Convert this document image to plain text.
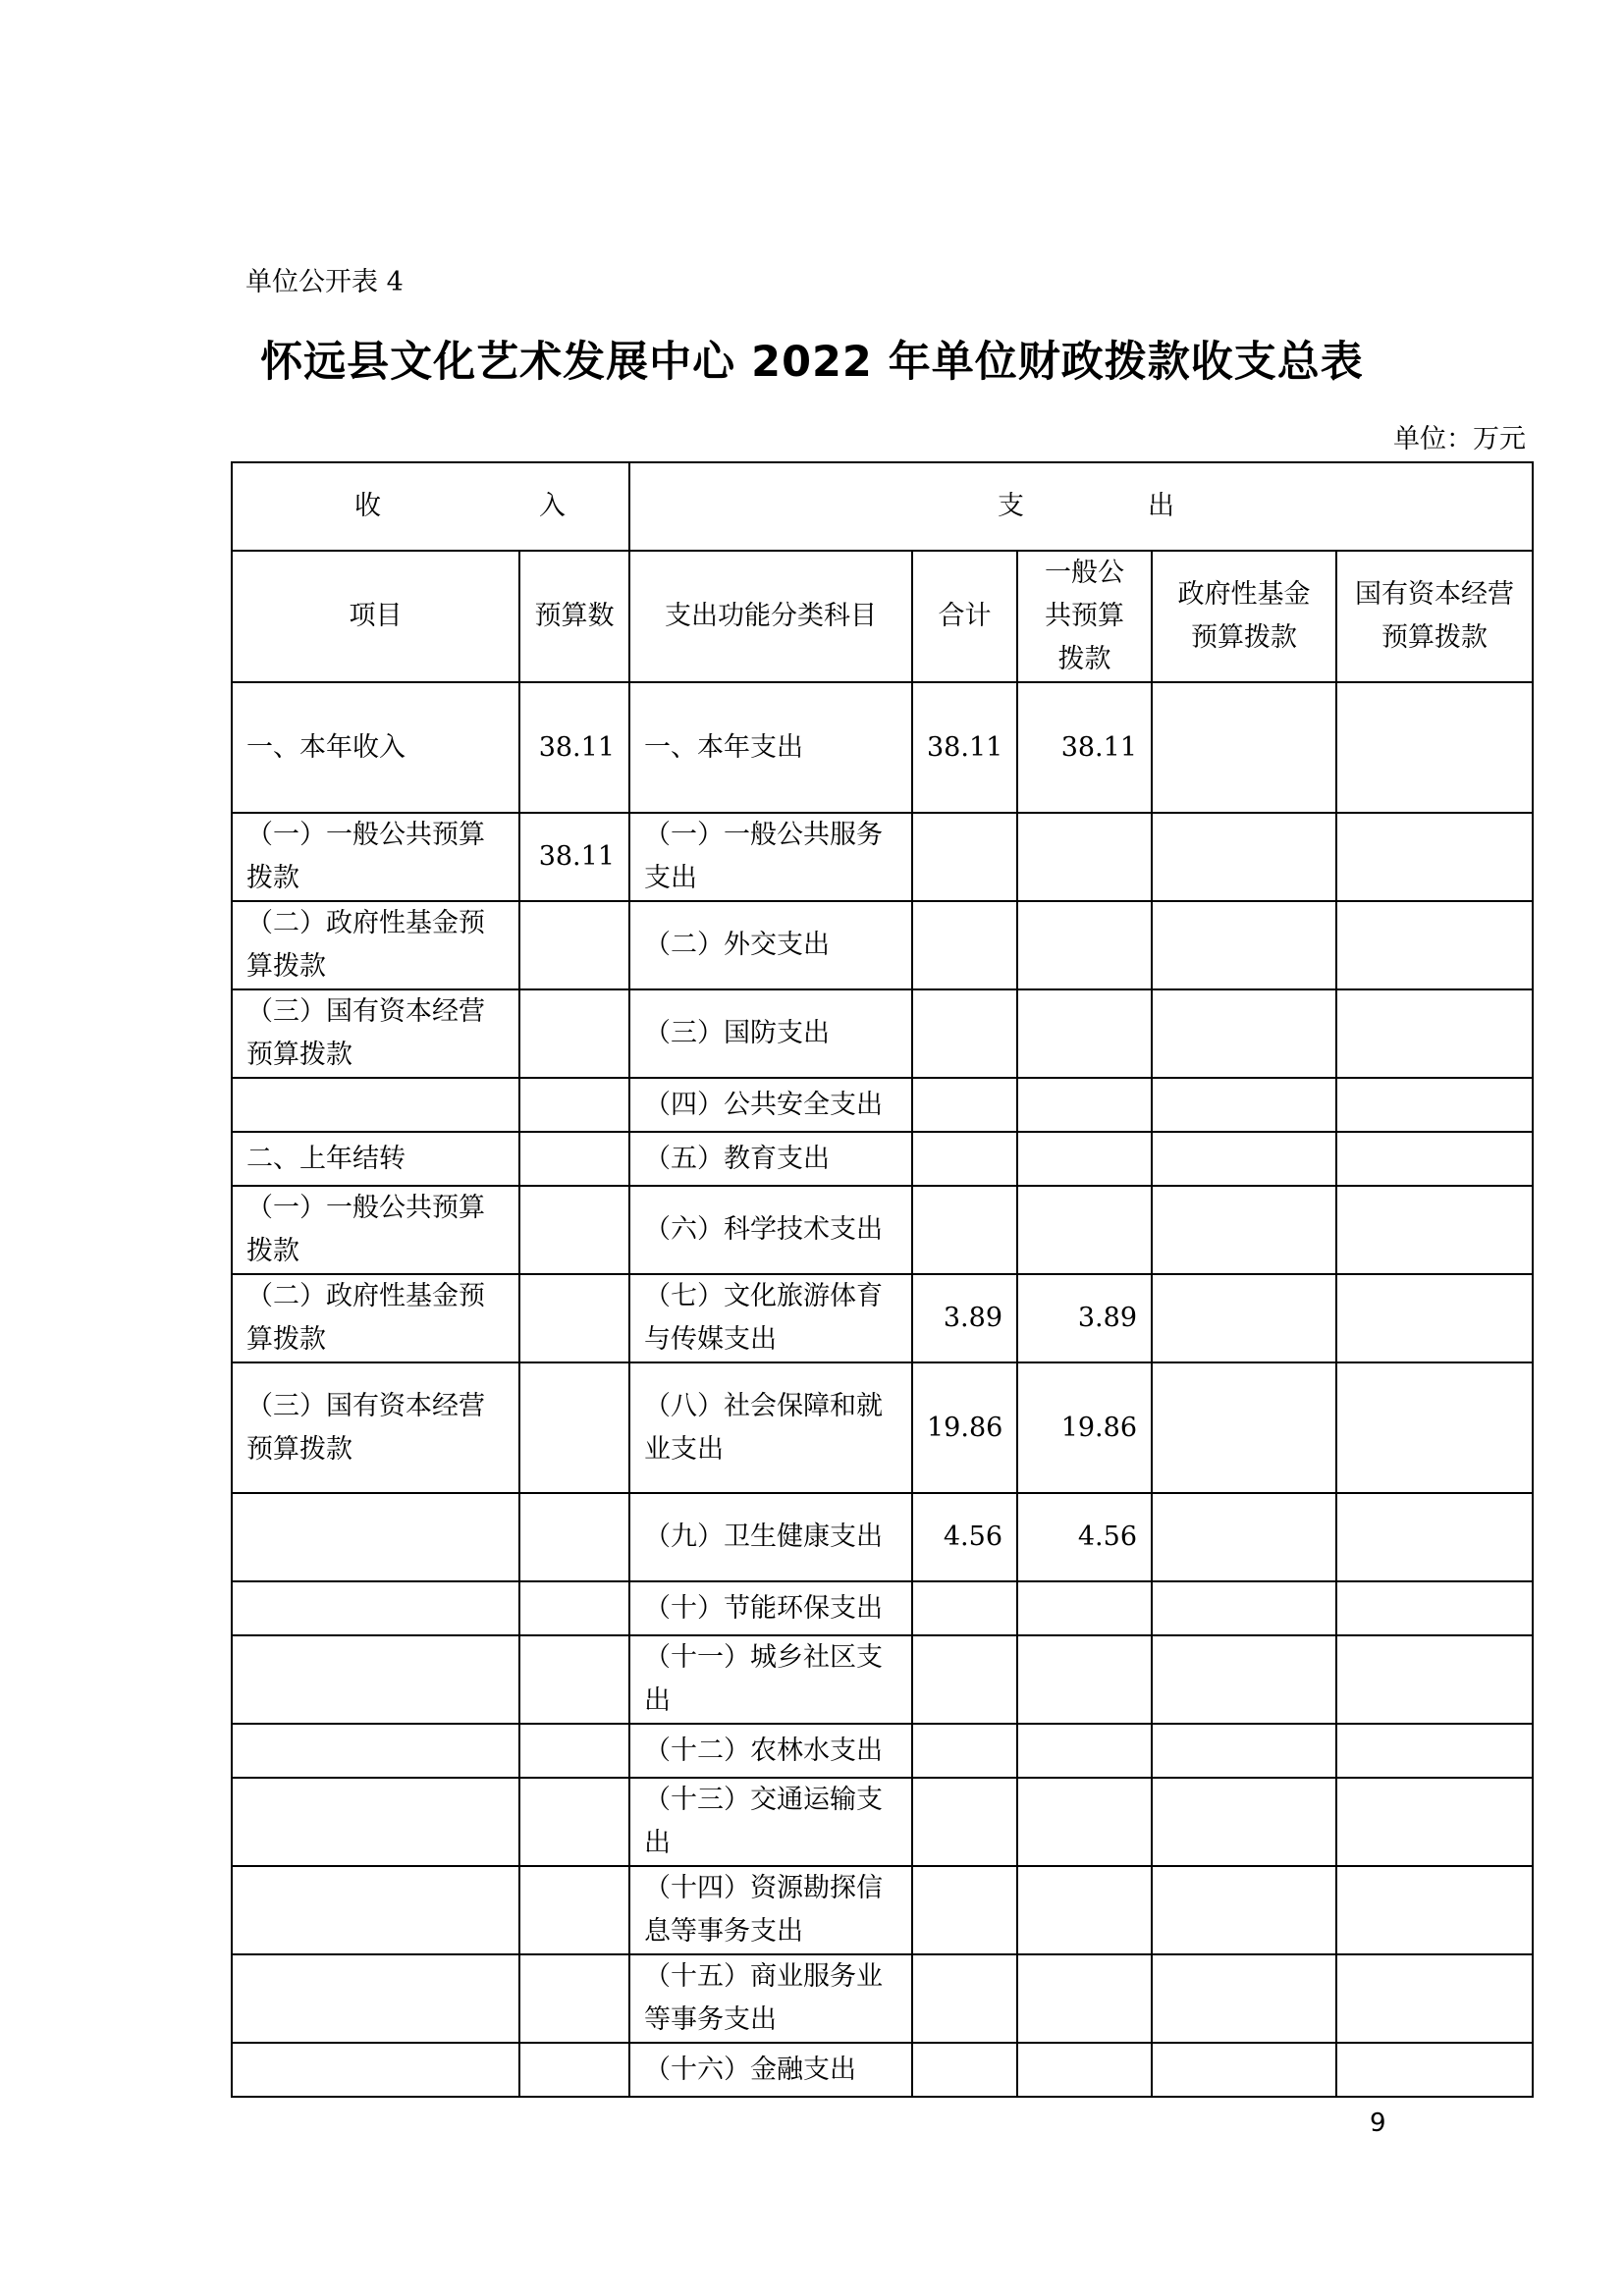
单位公开表 4
怀远县文化艺术发展中心 2022 年单位财政拨款收支总表
单位：万元
收 入		支 出				

项目	预算数	支出功能分类科目	合计	一般公共预算拨款	政府性基金预算拨款	国有资本经营预算拨款
一、本年收入	38.11	一、本年支出	38.11	38.11		
（一）一般公共预算拨款	38.11	（一）一般公共服务支出				
（二）政府性基金预算拨款		（二）外交支出				
（三）国有资本经营预算拨款		（三）国防支出				
		（四）公共安全支出				
二、上年结转		（五）教育支出				
（一）一般公共预算拨款		（六）科学技术支出				
（二）政府性基金预算拨款		（七）文化旅游体育与传媒支出	3.89	3.89		
（三）国有资本经营预算拨款		（八）社会保障和就业支出	19.86	19.86		
		（九）卫生健康支出	4.56	4.56		
		（十）节能环保支出				
		（十一）城乡社区支出				
		（十二）农林水支出				
		（十三）交通运输支出				
		（十四）资源勘探信息等事务支出				
		（十五）商业服务业等事务支出				
		（十六）金融支出				
9
